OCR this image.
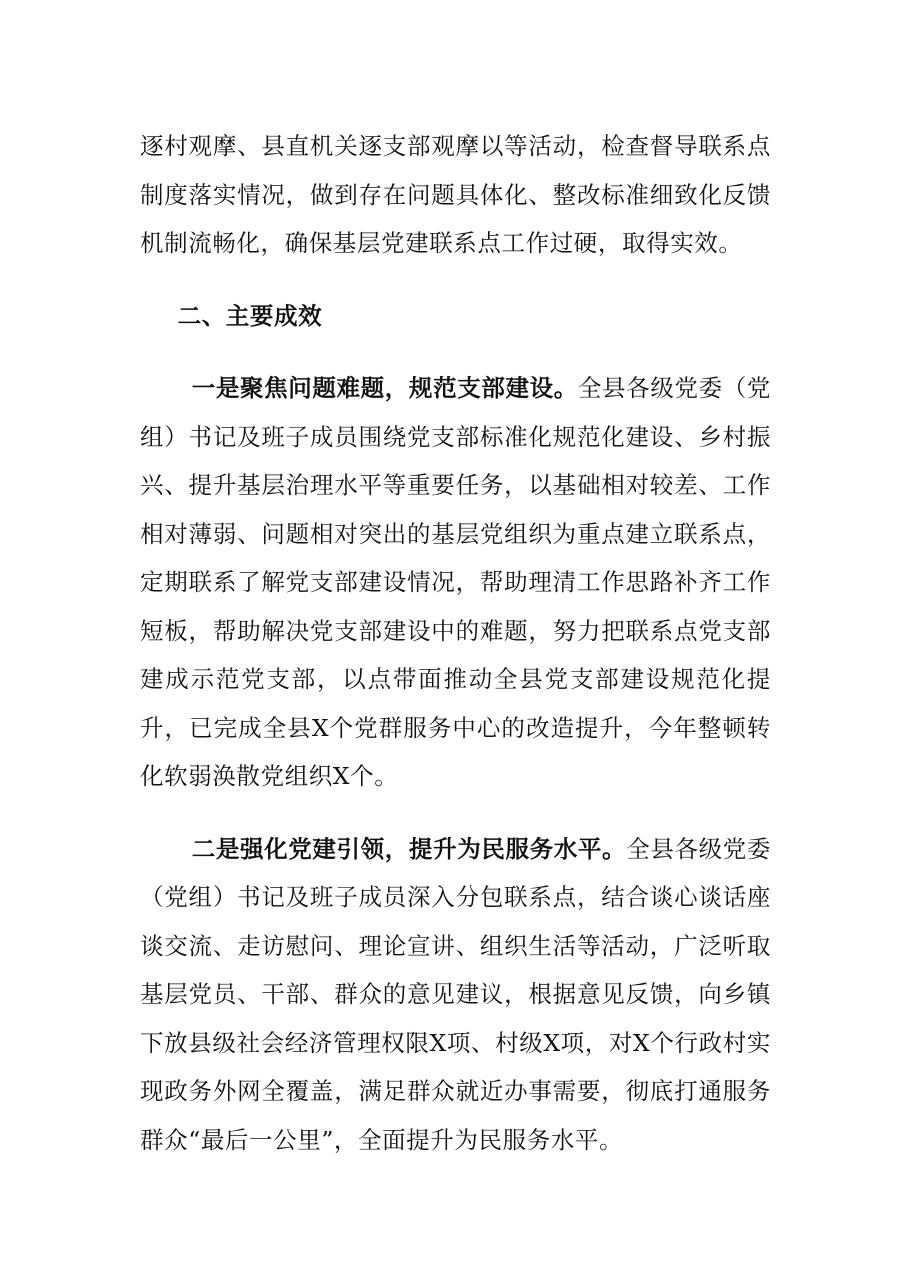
逐村观摩、县直机关逐支部观摩以等活动，检查督导联系点制度落实情况，做到存在问题具体化、整改标准细致化反馈机制流畅化，确保基层党建联系点工作过硬，取得实效。

二、主要成效

一是聚焦问题难题，规范支部建设。全县各级党委（党组）书记及班子成员围绕党支部标准化规范化建设、乡村振兴、提升基层治理水平等重要任务，以基础相对较差、工作相对薄弱、问题相对突出的基层党组织为重点建立联系点，定期联系了解党支部建设情况，帮助理清工作思路补齐工作短板，帮助解决党支部建设中的难题，努力把联系点党支部建成示范党支部，以点带面推动全县党支部建设规范化提升，已完成全县X个党群服务中心的改造提升，今年整顿转化软弱涣散党组织X个。

二是强化党建引领，提升为民服务水平。全县各级党委（党组）书记及班子成员深入分包联系点，结合谈心谈话座谈交流、走访慰问、理论宣讲、组织生活等活动，广泛听取基层党员、干部、群众的意见建议，根据意见反馈，向乡镇下放县级社会经济管理权限X项、村级X项，对X个行政村实现政务外网全覆盖，满足群众就近办事需要，彻底打通服务群众“最后一公里”，全面提升为民服务水平。
